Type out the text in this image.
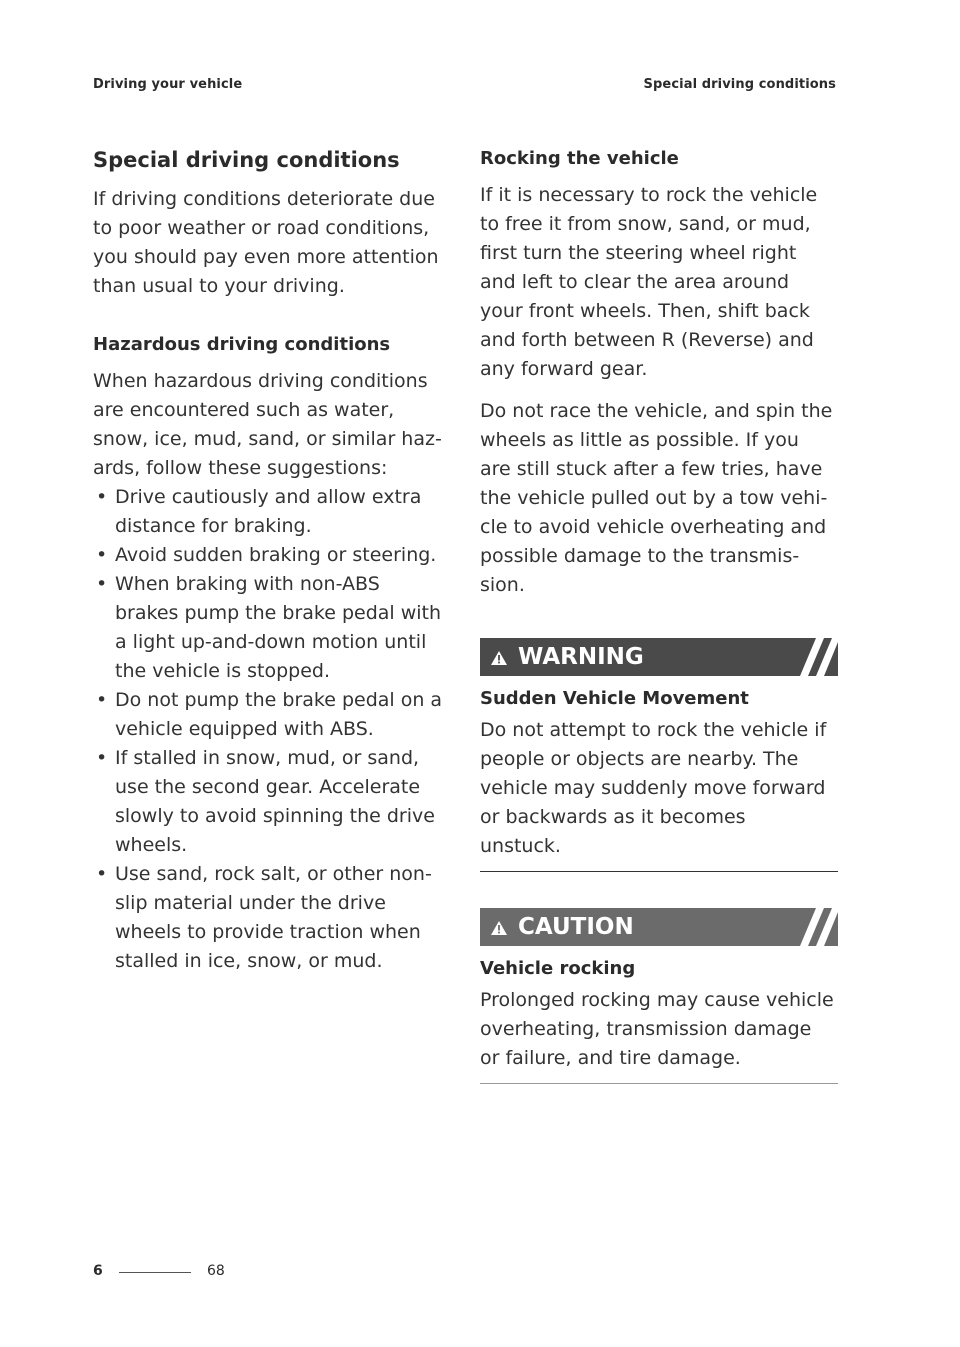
Driving your vehicle	Special driving conditions
Special driving conditions

If driving conditions deteriorate due
to poor weather or road conditions,
you should pay even more attention
than usual to your driving.

Hazardous driving conditions

When hazardous driving conditions
are encountered such as water,
snow, ice, mud, sand, or similar haz‑
ards, follow these suggestions:

• Drive cautiously and allow extra
distance for braking.
• Avoid sudden braking or steering.
• When braking with non-ABS
brakes pump the brake pedal with
a light up-and-down motion until
the vehicle is stopped.
• Do not pump the brake pedal on a
vehicle equipped with ABS.
• If stalled in snow, mud, or sand,
use the second gear. Accelerate
slowly to avoid spinning the drive
wheels.
• Use sand, rock salt, or other non‑
slip material under the drive
wheels to provide traction when
stalled in ice, snow, or mud.
Rocking the vehicle

If it is necessary to rock the vehicle
to free it from snow, sand, or mud,
first turn the steering wheel right
and left to clear the area around
your front wheels. Then, shift back
and forth between R (Reverse) and
any forward gear.

Do not race the vehicle, and spin the
wheels as little as possible. If you
are still stuck after a few tries, have
the vehicle pulled out by a tow vehi‑
cle to avoid vehicle overheating and
possible damage to the transmis‑
sion.

WARNING
Sudden Vehicle Movement

Do not attempt to rock the vehicle if
people or objects are nearby. The
vehicle may suddenly move forward
or backwards as it becomes
unstuck.

CAUTION
Vehicle rocking

Prolonged rocking may cause vehicle
overheating, transmission damage
or failure, and tire damage.

6	68
